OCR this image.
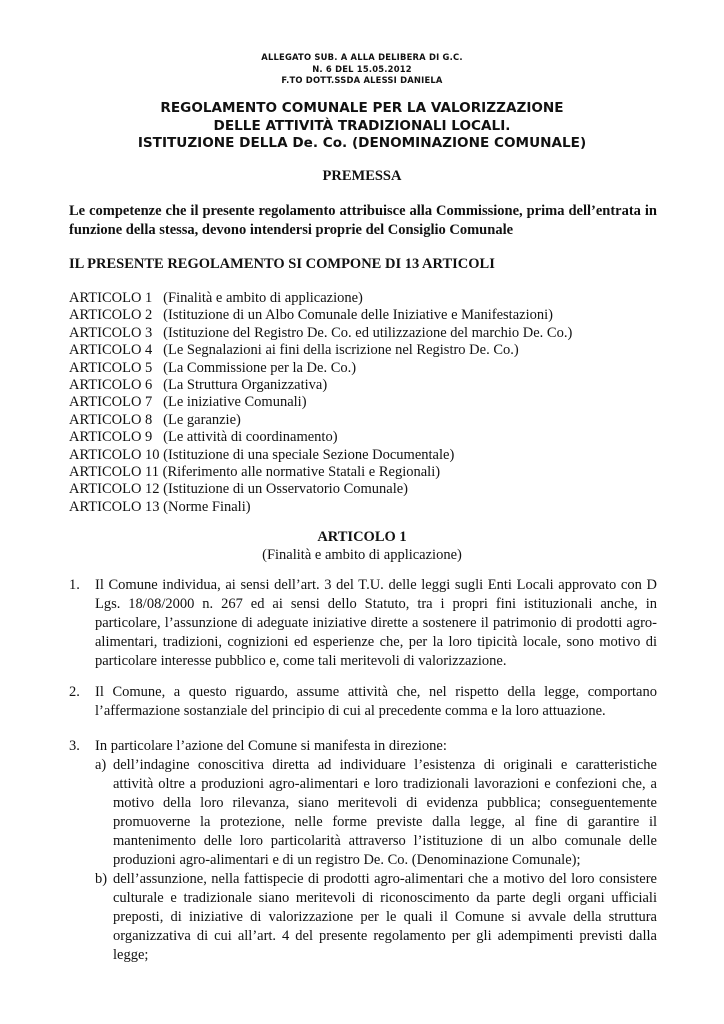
ALLEGATO SUB. A ALLA DELIBERA DI G.C.
N. 6 DEL 15.05.2012
F.TO DOTT.SSDA ALESSI DANIELA
REGOLAMENTO COMUNALE PER LA VALORIZZAZIONE
DELLE ATTIVITÀ TRADIZIONALI LOCALI.
ISTITUZIONE DELLA De. Co. (DENOMINAZIONE COMUNALE)
PREMESSA
Le competenze che il presente regolamento attribuisce alla Commissione, prima dell’entrata in funzione della stessa, devono intendersi proprie del Consiglio Comunale
IL PRESENTE REGOLAMENTO SI COMPONE DI 13 ARTICOLI
ARTICOLO 1   (Finalità e ambito di applicazione)
ARTICOLO 2   (Istituzione di un Albo Comunale delle Iniziative e Manifestazioni)
ARTICOLO 3   (Istituzione del Registro De. Co. ed utilizzazione del marchio De. Co.)
ARTICOLO 4   (Le Segnalazioni ai fini della iscrizione nel Registro De. Co.)
ARTICOLO 5   (La Commissione per la De. Co.)
ARTICOLO 6   (La Struttura Organizzativa)
ARTICOLO 7   (Le iniziative Comunali)
ARTICOLO 8   (Le garanzie)
ARTICOLO 9   (Le attività di coordinamento)
ARTICOLO 10 (Istituzione di una speciale Sezione Documentale)
ARTICOLO 11 (Riferimento alle normative Statali e Regionali)
ARTICOLO 12 (Istituzione di un Osservatorio Comunale)
ARTICOLO 13 (Norme Finali)
ARTICOLO 1
(Finalità e ambito di applicazione)
1. Il Comune individua, ai sensi dell’art. 3 del T.U. delle leggi sugli Enti Locali approvato con D Lgs. 18/08/2000 n. 267 ed ai sensi dello Statuto, tra i propri fini istituzionali anche, in particolare, l’assunzione di adeguate iniziative dirette a sostenere il patrimonio di prodotti agro-alimentari, tradizioni, cognizioni ed esperienze che, per la loro tipicità locale, sono motivo di particolare interesse pubblico e, come tali meritevoli di valorizzazione.
2. Il Comune, a questo riguardo, assume attività che, nel rispetto della legge, comportano l’affermazione sostanziale del principio di cui al precedente comma e la loro attuazione.
3. In particolare l’azione del Comune si manifesta in direzione:
a) dell’indagine conoscitiva diretta ad individuare l’esistenza di originali e caratteristiche attività oltre a produzioni agro-alimentari e loro tradizionali lavorazioni e confezioni che, a motivo della loro rilevanza, siano meritevoli di evidenza pubblica; conseguentemente promuoverne la protezione, nelle forme previste dalla legge, al fine di garantire il mantenimento delle loro particolarità attraverso l’istituzione di un albo comunale delle produzioni agro-alimentari e di un registro De. Co. (Denominazione Comunale);
b) dell’assunzione, nella fattispecie di prodotti agro-alimentari che a motivo del loro consistere culturale e tradizionale siano meritevoli di riconoscimento da parte degli organi ufficiali preposti, di iniziative di valorizzazione per le quali il Comune si avvale della struttura organizzativa di cui all’art. 4 del presente regolamento per gli adempimenti previsti dalla legge;
